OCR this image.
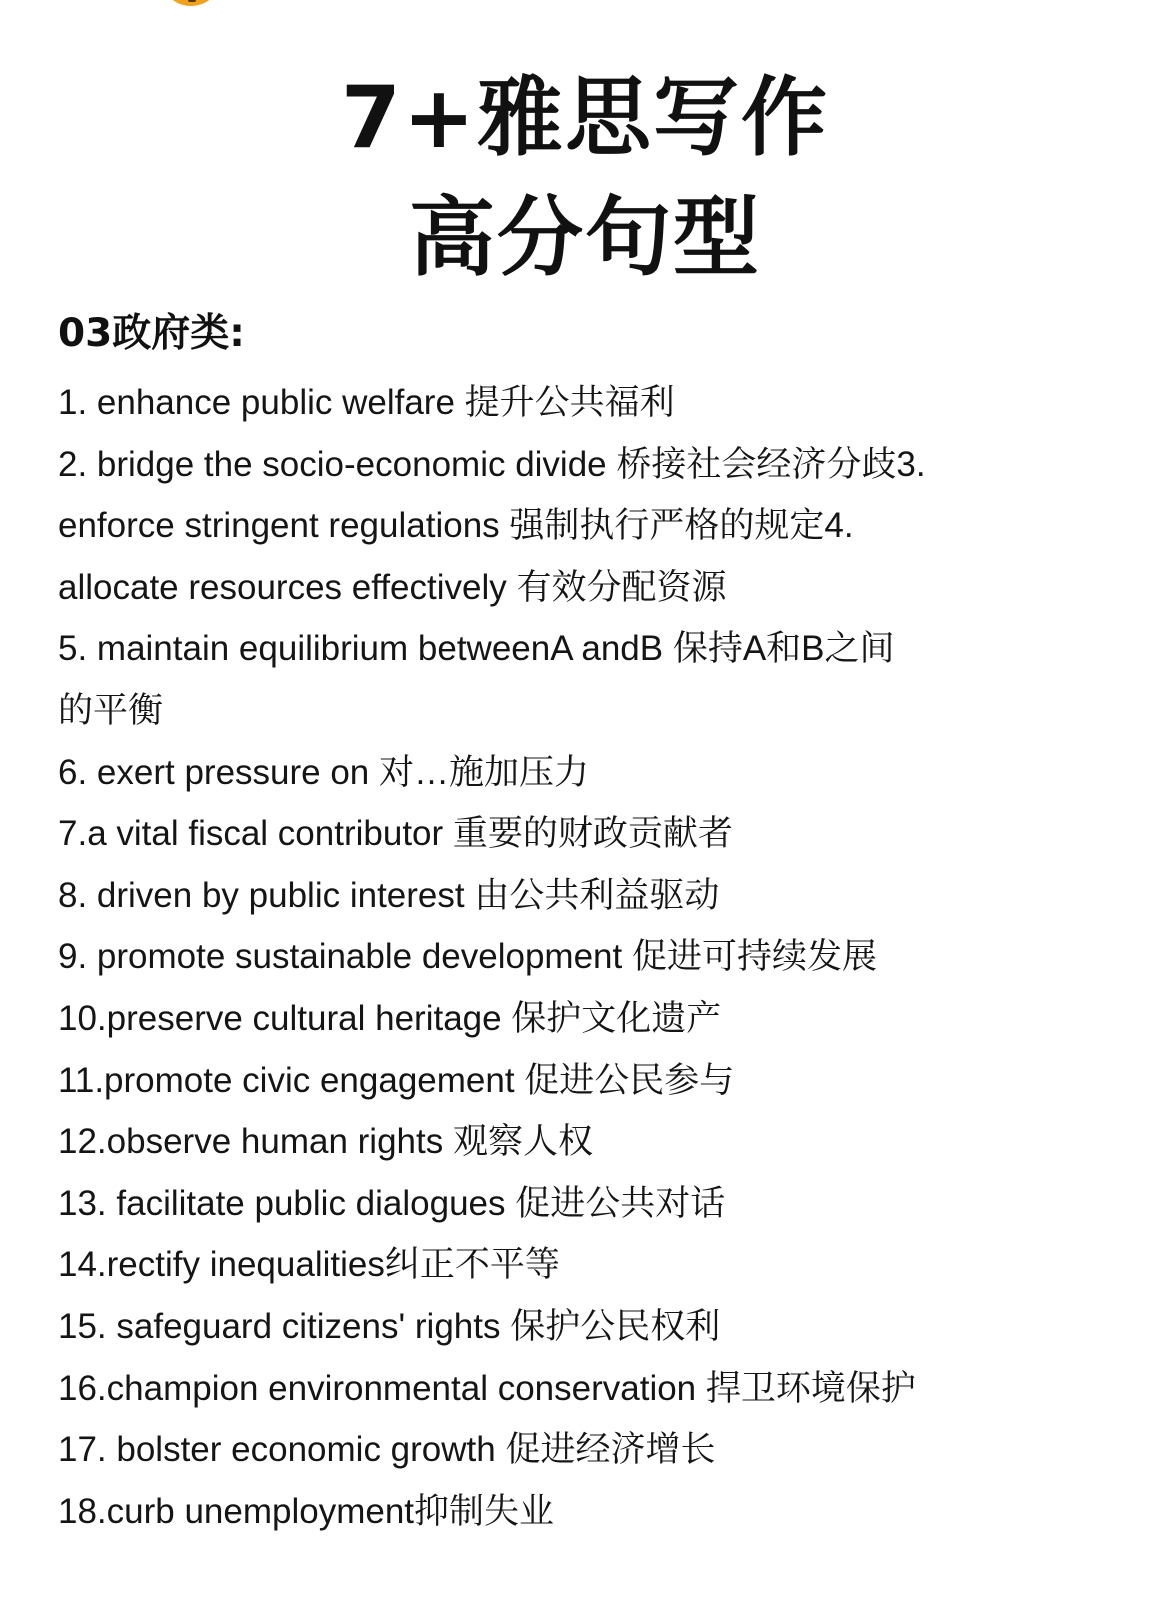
7+雅思写作
高分句型
03政府类:
1. enhance public welfare 提升公共福利
2. bridge the socio-economic divide 桥接社会经济分歧3.
enforce stringent regulations 强制执行严格的规定4.
allocate resources effectively 有效分配资源
5. maintain equilibrium betweenA andB 保持A和B之间
的平衡
6. exert pressure on 对…施加压力
7.a vital fiscal contributor 重要的财政贡献者
8. driven by public interest 由公共利益驱动
9. promote sustainable development 促进可持续发展
10.preserve cultural heritage 保护文化遗产
11.promote civic engagement 促进公民参与
12.observe human rights 观察人权
13. facilitate public dialogues 促进公共对话
14.rectify inequalities纠正不平等
15. safeguard citizens' rights 保护公民权利
16.champion environmental conservation 捍卫环境保护
17. bolster economic growth 促进经济增长
18.curb unemployment抑制失业
